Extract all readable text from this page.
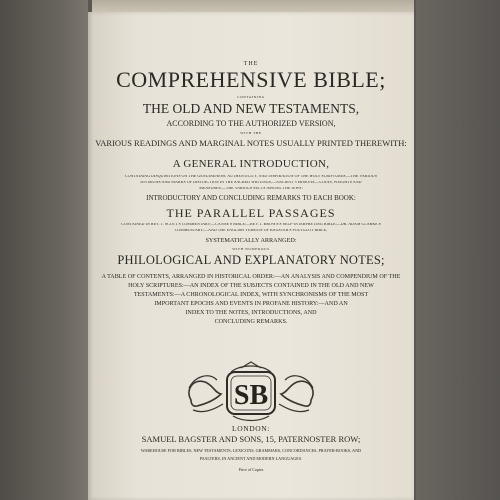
THE
COMPREHENSIVE BIBLE;
CONTAINING
THE OLD AND NEW TESTAMENTS,
ACCORDING TO THE AUTHORIZED VERSION,
WITH THE
VARIOUS READINGS AND MARGINAL NOTES USUALLY PRINTED THEREWITH:
A GENERAL INTRODUCTION,
CONTAINING DISQUISITIONS ON THE GENUINENESS, AUTHENTICITY, AND INSPIRATION OF THE HOLY SCRIPTURES,—THE VARIOUS
DIVISIONS AND MARKS OF DISTINCTION IN THE SACRED WRITINGS,—ANCIENT VERSIONS,—COINS, WEIGHTS AND
MEASURES,—THE VARIOUS SECTS AMONG THE JEWS:
INTRODUCTORY AND CONCLUDING REMARKS TO EACH BOOK:
THE PARALLEL PASSAGES
CONTAINED IN REV. T. SCOTT'S COMMENTARY;—CANNE'S BIBLE;—REV. J. BROWN'S SELF-INTERPRETING BIBLE;—DR. ADAM CLARKE'S
COMMENTARY;—AND THE ENGLISH VERSION OF BAGSTER'S POLYGLOT BIBLE,
SYSTEMATICALLY ARRANGED:
WITH NUMEROUS
PHILOLOGICAL AND EXPLANATORY NOTES;
A TABLE OF CONTENTS, ARRANGED IN HISTORICAL ORDER:—AN ANALYSIS AND COMPENDIUM OF THE
HOLY SCRIPTURES:—AN INDEX OF THE SUBJECTS CONTAINED IN THE OLD AND NEW
TESTAMENTS:—A CHRONOLOGICAL INDEX, WITH SYNCHRONISMS OF THE MOST
IMPORTANT EPOCHS AND EVENTS IN PROFANE HISTORY:—AND AN
INDEX TO THE NOTES, INTRODUCTIONS, AND
CONCLUDING REMARKS.
SB
LONDON:
SAMUEL BAGSTER AND SONS, 15, PATERNOSTER ROW;
WAREHOUSE FOR BIBLES, NEW TESTAMENTS, LEXICONS, GRAMMARS, CONCORDANCES, PRAYER-BOOKS, AND
PSALTERS, IN ANCIENT AND MODERN LANGUAGES.
Price of Copies
